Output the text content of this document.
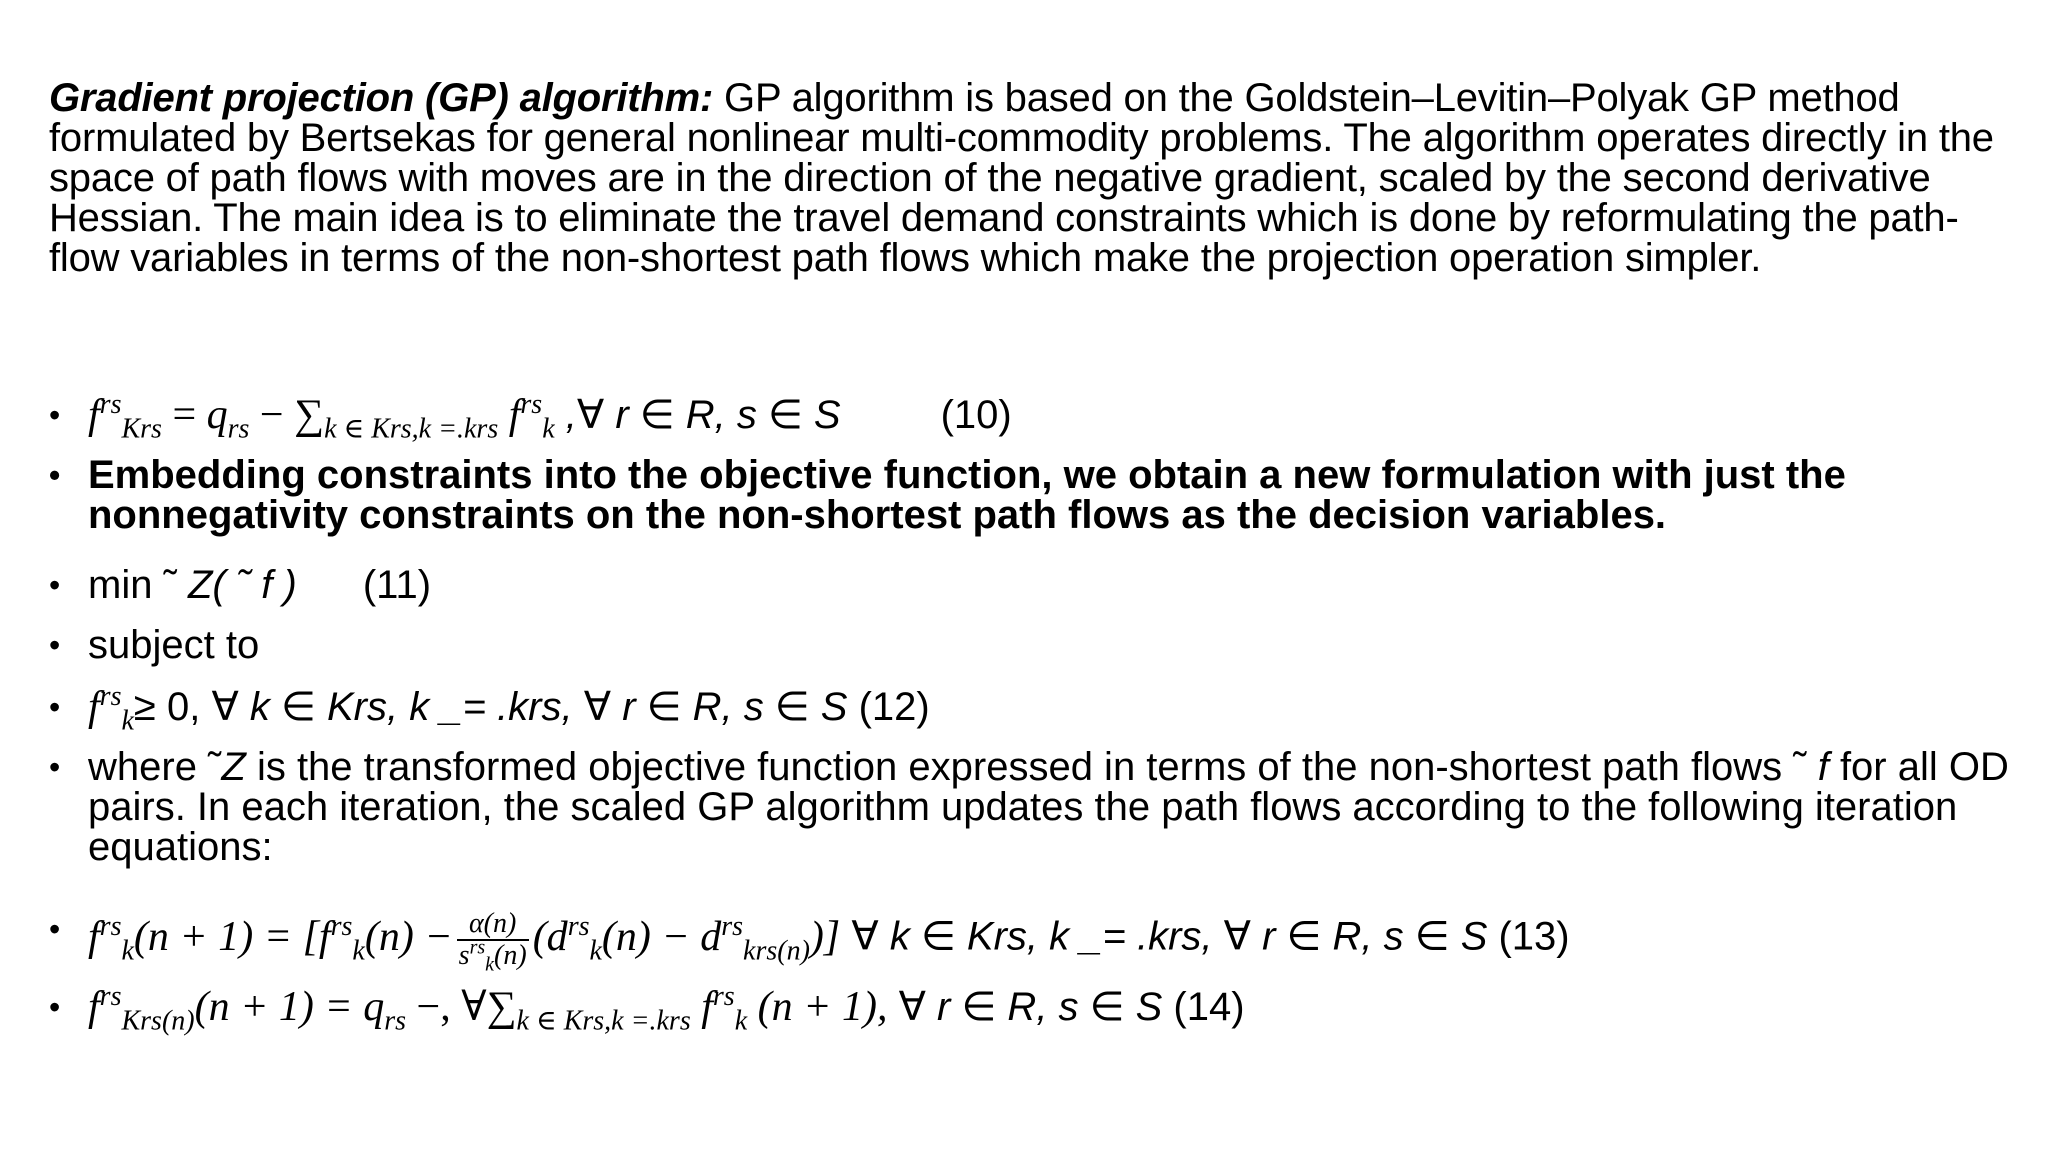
Gradient projection (GP) algorithm: GP algorithm is based on the Goldstein–Levitin–Polyak GP method formulated by Bertsekas for general nonlinear multi-commodity problems. The algorithm operates directly in the space of path flows with moves are in the direction of the negative gradient, scaled by the second derivative Hessian. The main idea is to eliminate the travel demand constraints which is done by reformulating the path-flow variables in terms of the non-shortest path flows which make the projection operation simpler.
• $f^{rs}_{Krs} = q_{rs} - \sum_{k \in Krs,k =.krs}$ $f^{rs}_k$ ,∀ r ∈ R, s ∈ S	(10)
• Embedding constraints into the objective function, we obtain a new formulation with just the nonnegativity constraints on the non-shortest path flows as the decision variables.
• min ˜ Z( ˜ f ) (11)
• subject to
• $f^{rs}_k\ge 0$, ∀ k ∈ Krs, k _= .krs, ∀ r ∈ R, s ∈ S (12)
• where ˜Z is the transformed objective function expressed in terms of the non-shortest path flows ˜ f for all OD pairs. In each iteration, the scaled GP algorithm updates the path flows according to the following iteration equations:
• $f^{rs}_k(n + 1) = [f^{rs}_k(n) - \frac{\alpha(n)}{s^{rs}_k(n)} (d^{rs}_k(n) - d^{rs}_{krs(n)})]$ ∀ k ∈ Krs, k _= .krs, ∀ r ∈ R, s ∈ S (13)
• $f^{rs}_{Krs(n)}(n + 1) = q_{rs}$ −, $\forall\sum_{k \in Krs,k =.krs}$ $f^{rs}_k$ (n + 1), ∀ r ∈ R, s ∈ S (14)
